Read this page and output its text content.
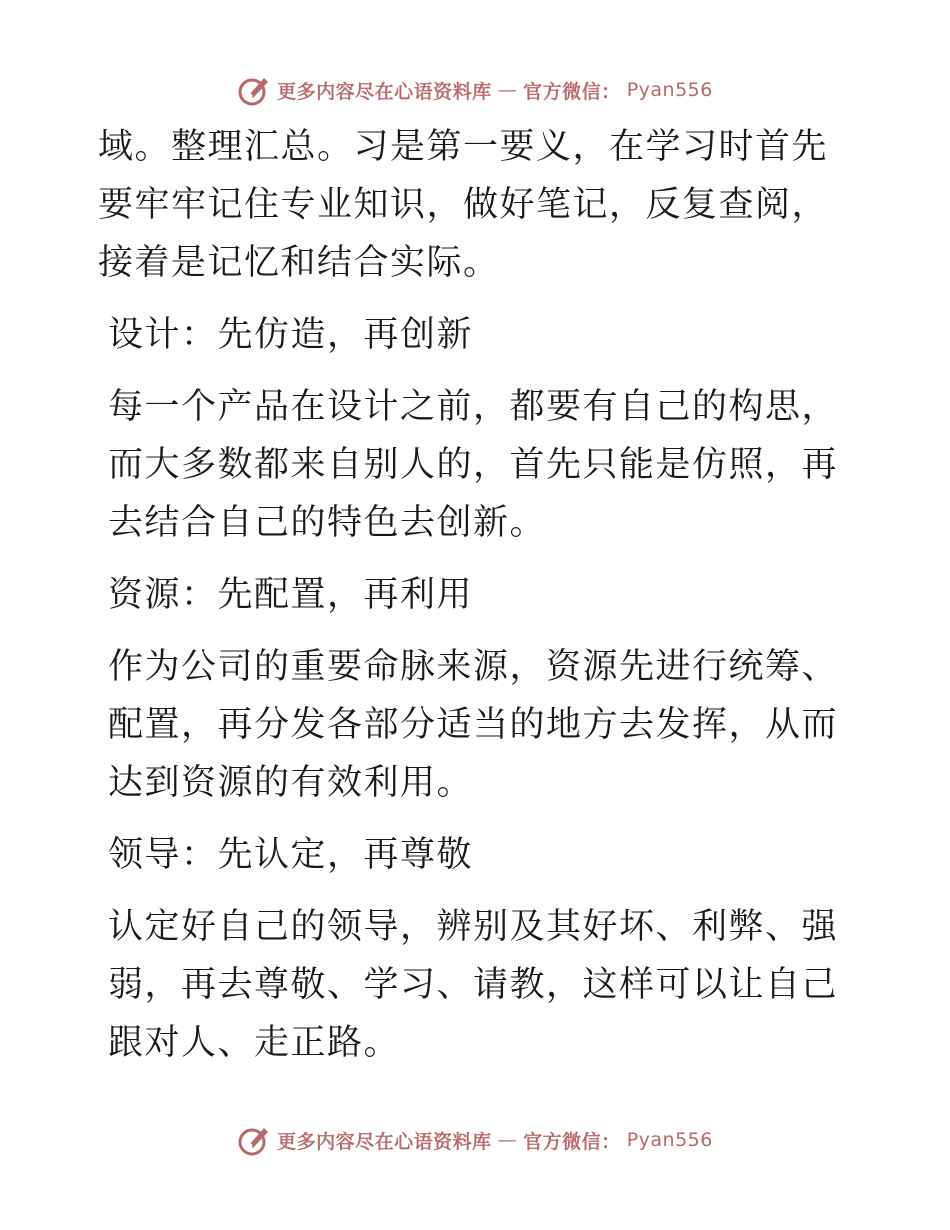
更多内容尽在心语资料库 — 官方微信： Pyan556

域。整理汇总。习是第一要义，在学习时首先要牢牢记住专业知识，做好笔记，反复查阅，接着是记忆和结合实际。

设计：先仿造，再创新

每一个产品在设计之前，都要有自己的构思，而大多数都来自别人的，首先只能是仿照，再去结合自己的特色去创新。

资源：先配置，再利用

作为公司的重要命脉来源，资源先进行统筹、配置，再分发各部分适当的地方去发挥，从而达到资源的有效利用。

领导：先认定，再尊敬

认定好自己的领导，辨别及其好坏、利弊、强弱，再去尊敬、学习、请教，这样可以让自己跟对人、走正路。

更多内容尽在心语资料库 — 官方微信： Pyan556
